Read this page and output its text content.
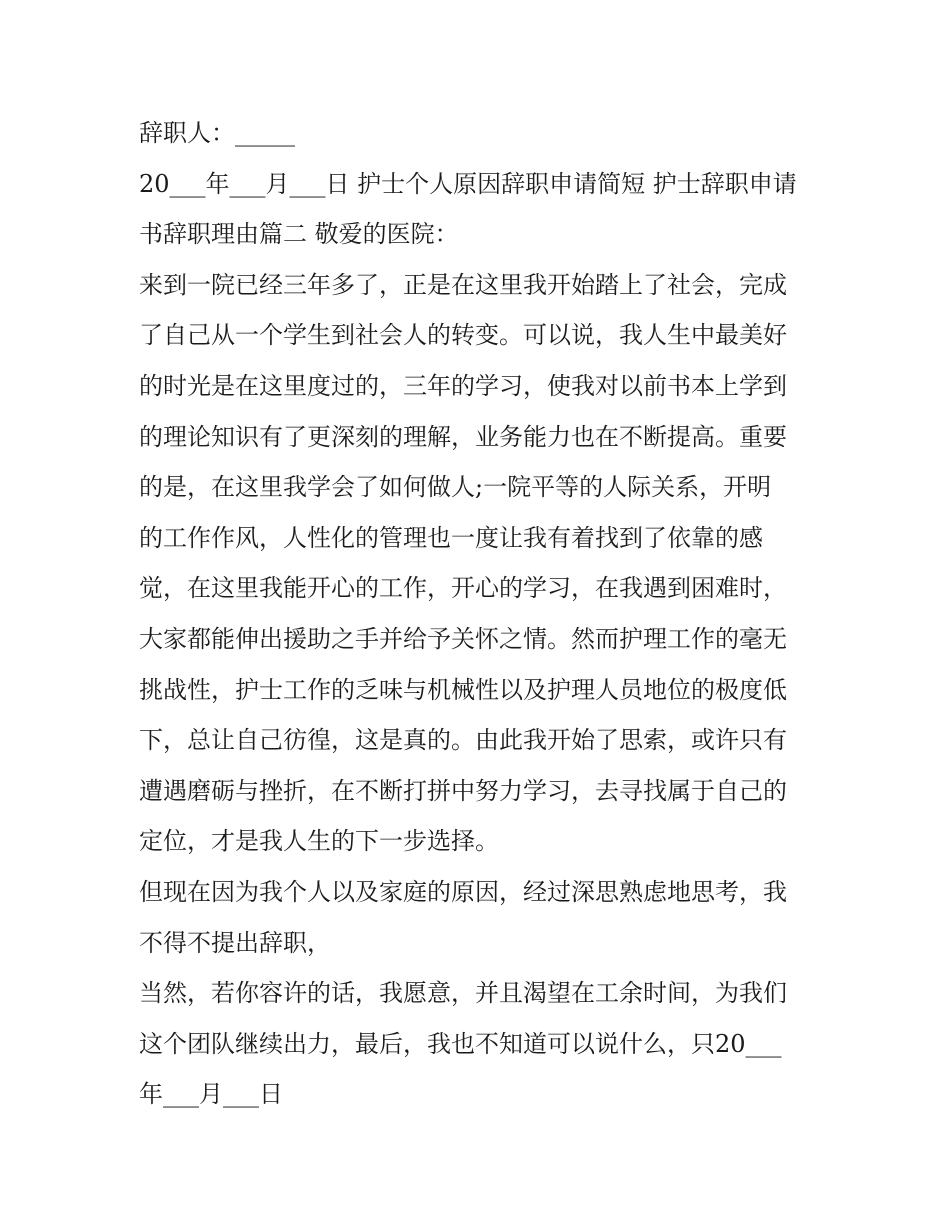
辞职人：_____
20___年___月___日 护士个人原因辞职申请简短 护士辞职申请
书辞职理由篇二 敬爱的医院：
来到一院已经三年多了，正是在这里我开始踏上了社会，完成
了自己从一个学生到社会人的转变。可以说，我人生中最美好
的时光是在这里度过的，三年的学习，使我对以前书本上学到
的理论知识有了更深刻的理解，业务能力也在不断提高。重要
的是，在这里我学会了如何做人;一院平等的人际关系，开明
的工作作风，人性化的管理也一度让我有着找到了依靠的感
觉，在这里我能开心的工作，开心的学习，在我遇到困难时，
大家都能伸出援助之手并给予关怀之情。然而护理工作的毫无
挑战性，护士工作的乏味与机械性以及护理人员地位的极度低
下，总让自己彷徨，这是真的。由此我开始了思索，或许只有
遭遇磨砺与挫折，在不断打拼中努力学习，去寻找属于自己的
定位，才是我人生的下一步选择。
但现在因为我个人以及家庭的原因，经过深思熟虑地思考，我
不得不提出辞职，
当然，若你容许的话，我愿意，并且渴望在工余时间，为我们
这个团队继续出力，最后，我也不知道可以说什么，只20___
年___月___日
